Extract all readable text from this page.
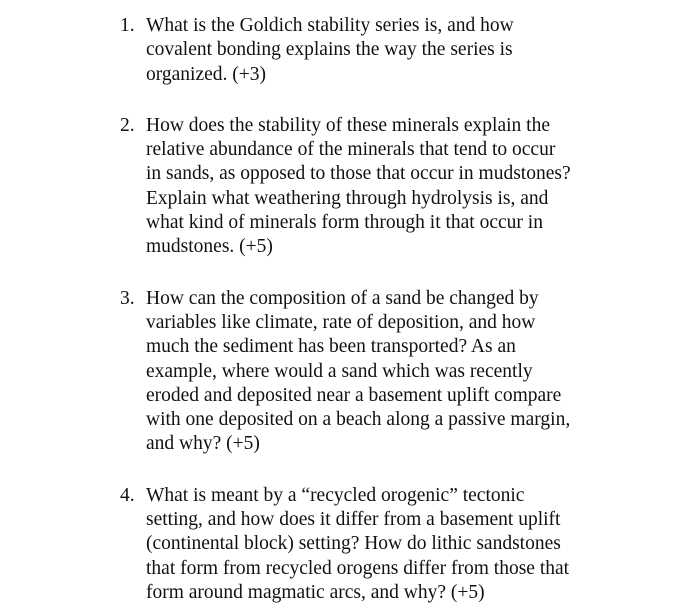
1. What is the Goldich stability series is, and how
covalent bonding explains the way the series is
organized. (+3)
2. How does the stability of these minerals explain the
relative abundance of the minerals that tend to occur
in sands, as opposed to those that occur in mudstones?
Explain what weathering through hydrolysis is, and
what kind of minerals form through it that occur in
mudstones. (+5)
3. How can the composition of a sand be changed by
variables like climate, rate of deposition, and how
much the sediment has been transported? As an
example, where would a sand which was recently
eroded and deposited near a basement uplift compare
with one deposited on a beach along a passive margin,
and why? (+5)
4. What is meant by a “recycled orogenic” tectonic
setting, and how does it differ from a basement uplift
(continental block) setting? How do lithic sandstones
that form from recycled orogens differ from those that
form around magmatic arcs, and why? (+5)
